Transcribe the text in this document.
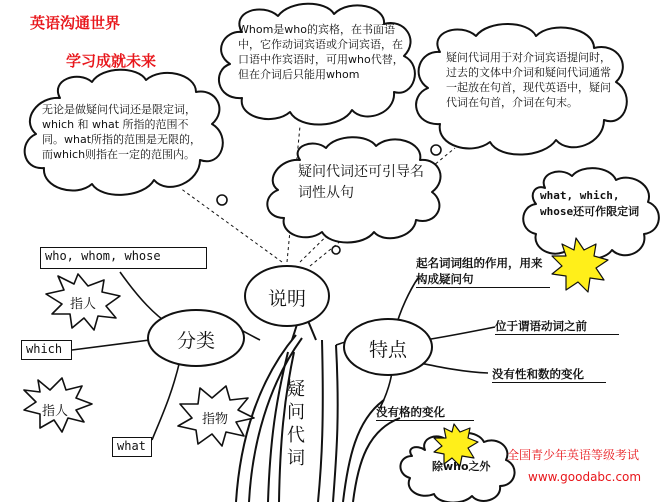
英语沟通世界
学习成就未来
Whom是who的宾格，在书面语中，它作动词宾语或介词宾语，在口语中作宾语时，可用who代替，但在介词后只能用whom
无论是做疑问代词还是限定词，which 和 what 所指的范围不同。what所指的范围是无限的，而which则指在一定的范围内。
疑问代词还可引导名词性从句
疑问代词用于对介词宾语提问时，过去的文体中介词和疑问代词通常一起放在句首，现代英语中，疑问代词在句首，介词在句末。
what, which, whose还可作限定词
除who之外
说明
分类	特点
疑
问
代
词
who, whom, whose
which
what
指人
指人
指物
起名词词组的作用，用来构成疑问句
位于谓语动词之前
没有性和数的变化
没有格的变化
全国青少年英语等级考试
www.goodabc.com
